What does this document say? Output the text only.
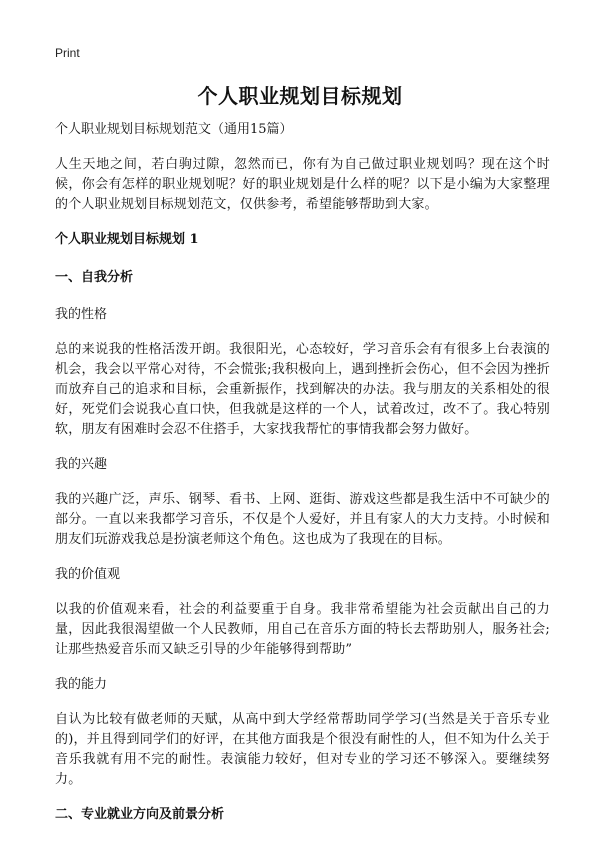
Print
个人职业规划目标规划
个人职业规划目标规划范文（通用15篇）

人生天地之间，若白驹过隙，忽然而已，你有为自己做过职业规划吗？现在这个时候，你会有怎样的职业规划呢？好的职业规划是什么样的呢？以下是小编为大家整理的个人职业规划目标规划范文，仅供参考，希望能够帮助到大家。

个人职业规划目标规划 1
一、自我分析
我的性格

总的来说我的性格活泼开朗。我很阳光，心态较好，学习音乐会有有很多上台表演的机会，我会以平常心对待，不会慌张;我积极向上，遇到挫折会伤心，但不会因为挫折而放弃自己的追求和目标，会重新振作，找到解决的办法。我与朋友的关系相处的很好，死党们会说我心直口快，但我就是这样的一个人，试着改过，改不了。我心特别软，朋友有困难时会忍不住搭手，大家找我帮忙的事情我都会努力做好。

我的兴趣

我的兴趣广泛，声乐、钢琴、看书、上网、逛街、游戏这些都是我生活中不可缺少的部分。一直以来我都学习音乐，不仅是个人爱好，并且有家人的大力支持。小时候和朋友们玩游戏我总是扮演老师这个角色。这也成为了我现在的目标。

我的价值观

以我的价值观来看，社会的利益要重于自身。我非常希望能为社会贡献出自己的力量，因此我很渴望做一个人民教师，用自己在音乐方面的特长去帮助别人，服务社会;让那些热爱音乐而又缺乏引导的少年能够得到帮助”

我的能力

自认为比较有做老师的天赋，从高中到大学经常帮助同学学习(当然是关于音乐专业的)，并且得到同学们的好评，在其他方面我是个很没有耐性的人，但不知为什么关于音乐我就有用不完的耐性。表演能力较好，但对专业的学习还不够深入。要继续努力。

二、专业就业方向及前景分析
